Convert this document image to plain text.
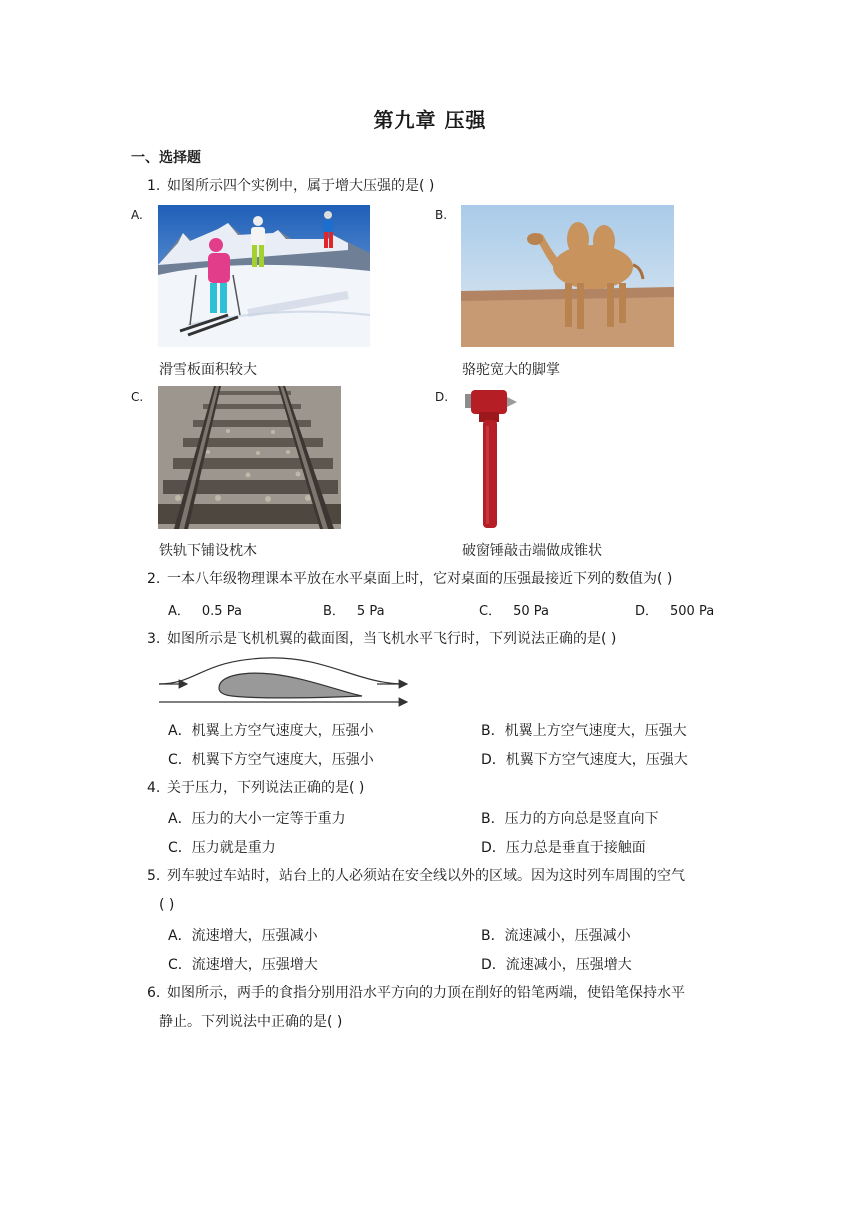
第九章 压强
一、选择题
1. 如图所示四个实例中，属于增大压强的是( )
A.
滑雪板面积较大
B.
骆驼宽大的脚掌
C.
铁轨下铺设枕木
D.
破窗锤敲击端做成锥状
2. 一本八年级物理课本平放在水平桌面上时，它对桌面的压强最接近下列的数值为( )
A． 0.5 Pa	B． 5 Pa	C． 50 Pa	D． 500 Pa
3. 如图所示是飞机机翼的截面图，当飞机水平飞行时，下列说法正确的是( )
A．机翼上方空气速度大，压强小	B．机翼上方空气速度大，压强大
C．机翼下方空气速度大，压强小	D．机翼下方空气速度大，压强大
4. 关于压力，下列说法正确的是( )
A．压力的大小一定等于重力	B．压力的方向总是竖直向下
C．压力就是重力	D．压力总是垂直于接触面
5. 列车驶过车站时，站台上的人必须站在安全线以外的区域。因为这时列车周围的空气
( )
A．流速增大，压强减小	B．流速减小，压强减小
C．流速增大，压强增大	D．流速减小，压强增大
6. 如图所示，两手的食指分别用沿水平方向的力顶在削好的铅笔两端，使铅笔保持水平
静止。下列说法中正确的是( )
